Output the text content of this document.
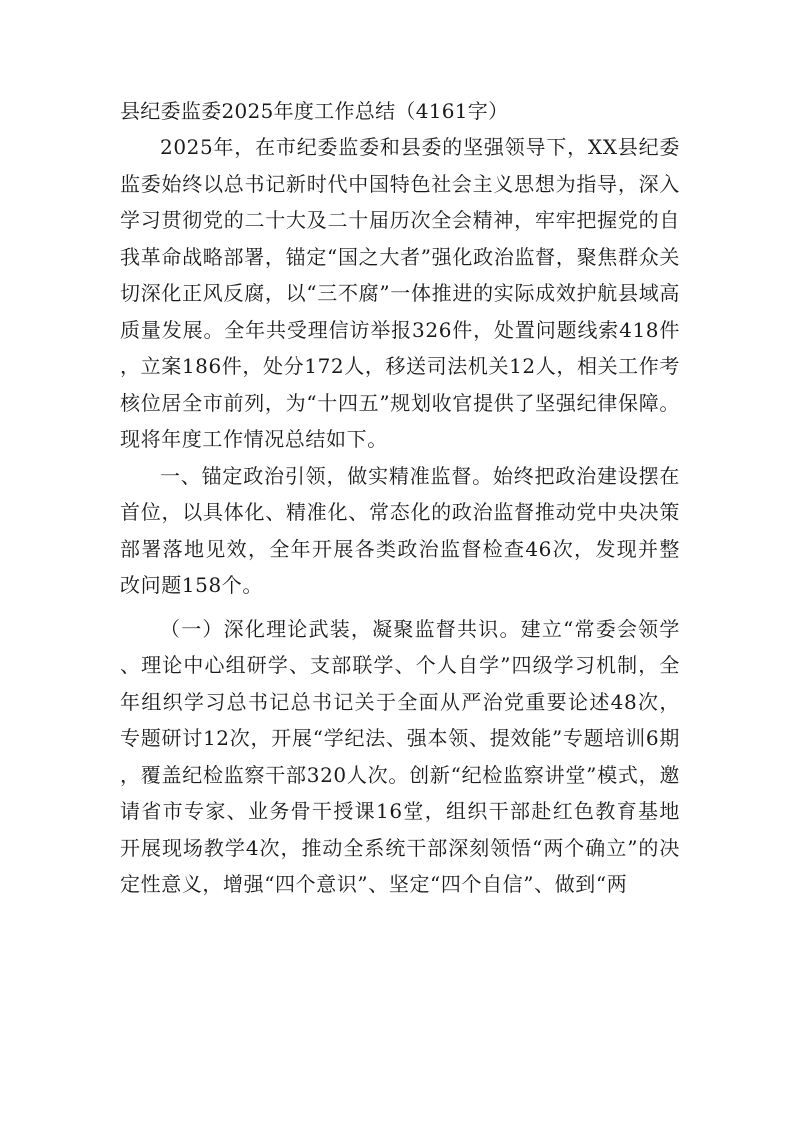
县纪委监委2025年度工作总结（4161字）

2025年，在市纪委监委和县委的坚强领导下，XX县纪委监委始终以总书记新时代中国特色社会主义思想为指导，深入学习贯彻党的二十大及二十届历次全会精神，牢牢把握党的自我革命战略部署，锚定“国之大者”强化政治监督，聚焦群众关切深化正风反腐，以“三不腐”一体推进的实际成效护航县域高质量发展。全年共受理信访举报326件，处置问题线索418件，立案186件，处分172人，移送司法机关12人，相关工作考核位居全市前列，为“十四五”规划收官提供了坚强纪律保障。现将年度工作情况总结如下。

一、锚定政治引领，做实精准监督。始终把政治建设摆在首位，以具体化、精准化、常态化的政治监督推动党中央决策部署落地见效，全年开展各类政治监督检查46次，发现并整改问题158个。

（一）深化理论武装，凝聚监督共识。建立“常委会领学、理论中心组研学、支部联学、个人自学”四级学习机制，全年组织学习总书记总书记关于全面从严治党重要论述48次，专题研讨12次，开展“学纪法、强本领、提效能”专题培训6期，覆盖纪检监察干部320人次。创新“纪检监察讲堂”模式，邀请省市专家、业务骨干授课16堂，组织干部赴红色教育基地开展现场教学4次，推动全系统干部深刻领悟“两个确立”的决定性意义，增强“四个意识”、坚定“四个自信”、做到“两
